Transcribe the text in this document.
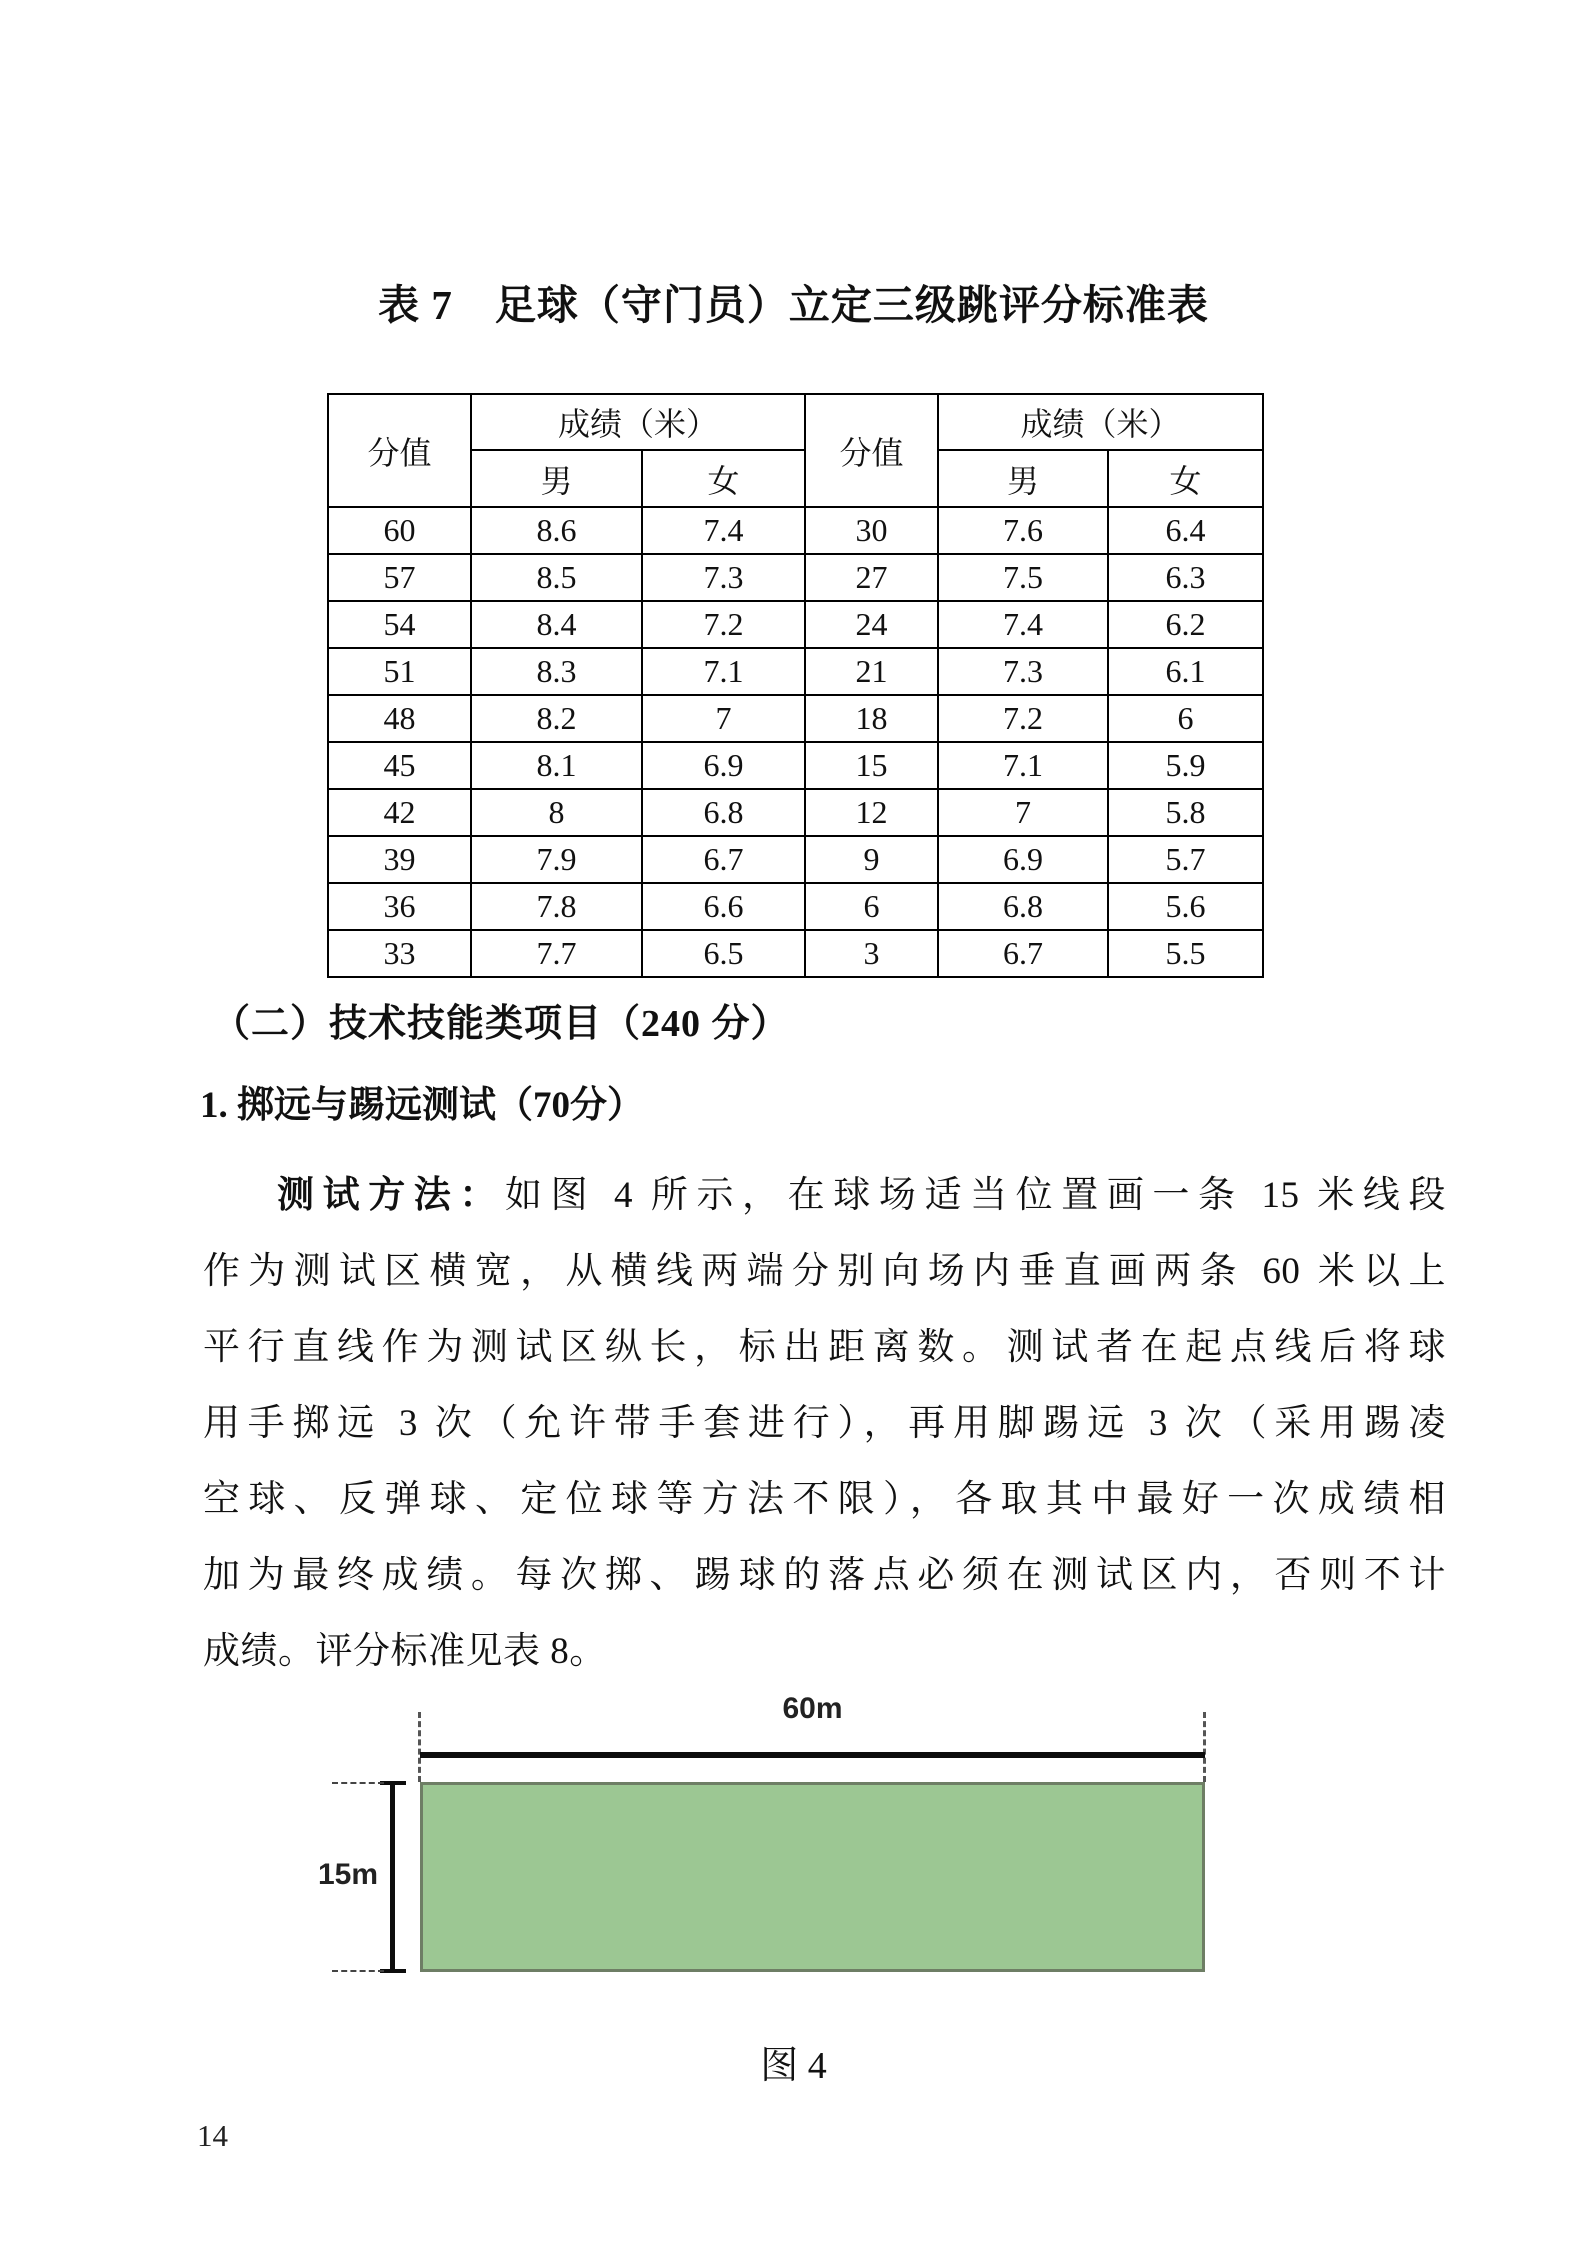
表 7　足球（守门员）立定三级跳评分标准表
分值	成绩（米）		分值	成绩（米）	
	男	女		男	女
60	8.6	7.4	30	7.6	6.4
57	8.5	7.3	27	7.5	6.3
54	8.4	7.2	24	7.4	6.2
51	8.3	7.1	21	7.3	6.1
48	8.2	7	18	7.2	6
45	8.1	6.9	15	7.1	5.9
42	8	6.8	12	7	5.8
39	7.9	6.7	9	6.9	5.7
36	7.8	6.6	6	6.8	5.6
33	7.7	6.5	3	6.7	5.5
（二）技术技能类项目（240 分）
1. 掷远与踢远测试（70分）
测试方法：如图 4 所示，在球场适当位置画一条 15 米线段
作为测试区横宽，从横线两端分别向场内垂直画两条 60 米以上
平行直线作为测试区纵长，标出距离数。测试者在起点线后将球
用手掷远 3 次（允许带手套进行），再用脚踢远 3 次（采用踢凌
空球、反弹球、定位球等方法不限），各取其中最好一次成绩相
加为最终成绩。每次掷、踢球的落点必须在测试区内，否则不计
成绩。评分标准见表 8。
60m
15m
图 4
14
